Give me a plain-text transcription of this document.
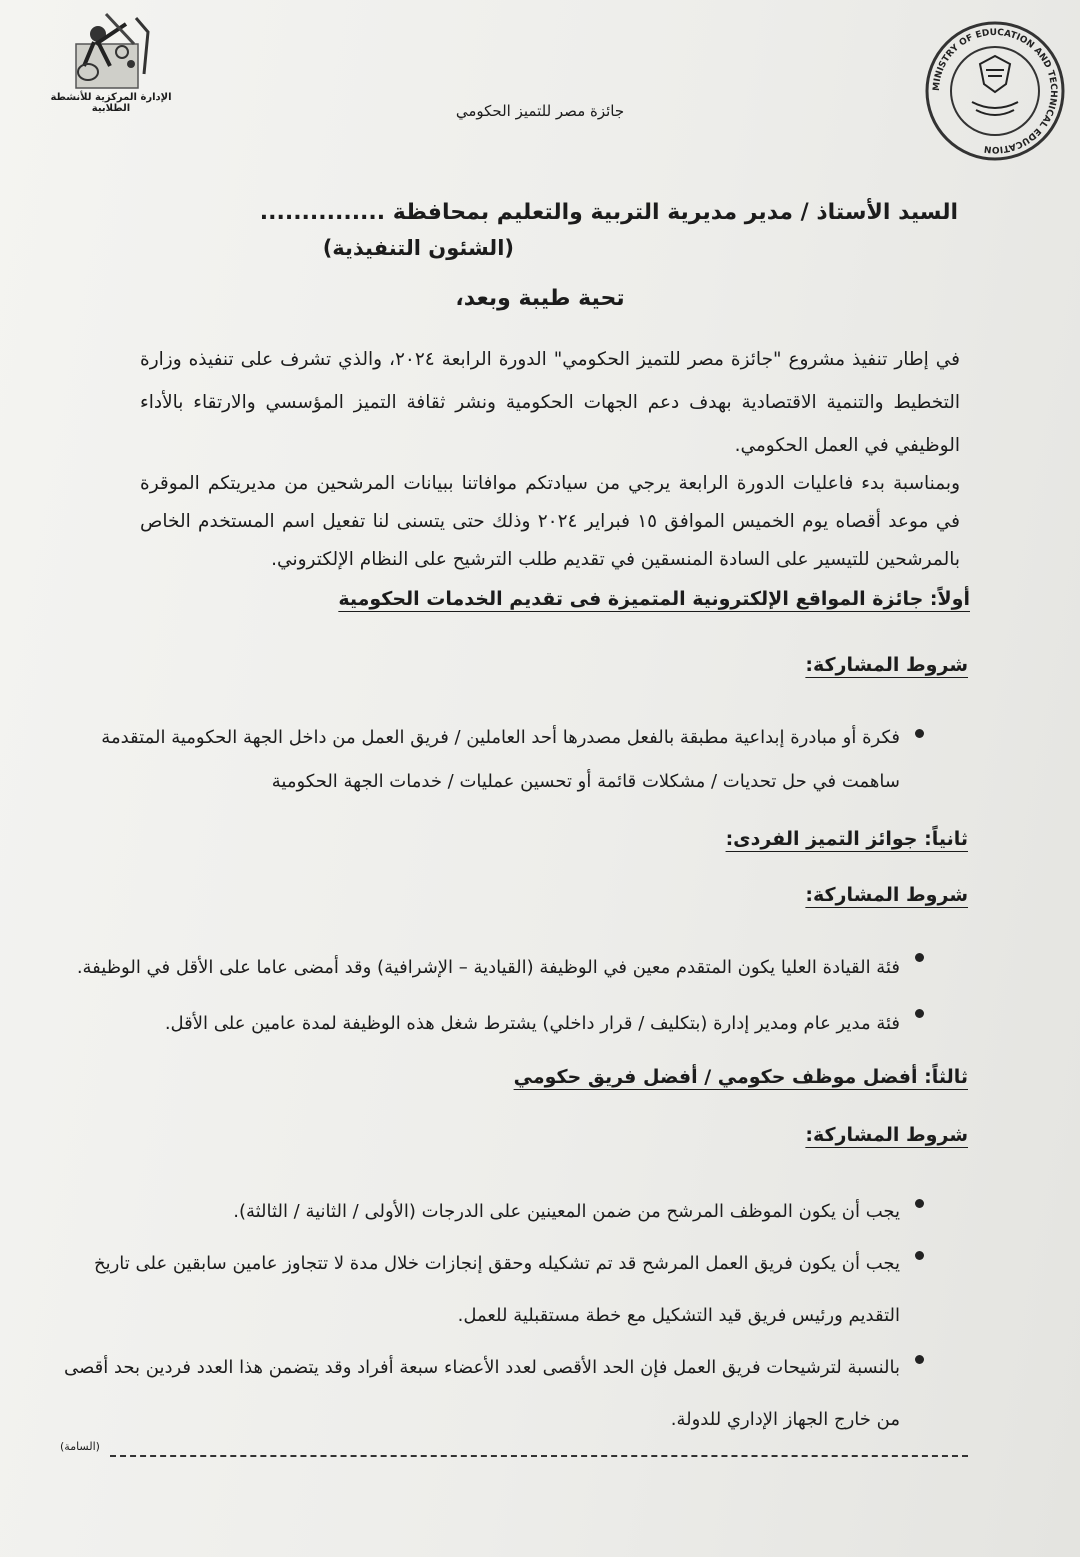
الإدارة المركزية للأنشطة الطلابية
MINISTRY OF EDUCATION AND TECHNICAL EDUCATION
جائزة مصر للتميز الحكومي
السيد الأستاذ / مدير مديرية التربية والتعليم بمحافظة ...............
(الشئون التنفيذية)
تحية طيبة وبعد،
في إطار تنفيذ مشروع "جائزة مصر للتميز الحكومي" الدورة الرابعة ٢٠٢٤، والذي تشرف على تنفيذه وزارة التخطيط والتنمية الاقتصادية بهدف دعم الجهات الحكومية ونشر ثقافة التميز المؤسسي والارتقاء بالأداء الوظيفي في العمل الحكومي.
وبمناسبة بدء فاعليات الدورة الرابعة يرجي من سيادتكم موافاتنا ببيانات المرشحين من مديريتكم الموقرة في موعد أقصاه يوم الخميس الموافق ١٥ فبراير ٢٠٢٤ وذلك حتى يتسنى لنا تفعيل اسم المستخدم الخاص بالمرشحين للتيسير على السادة المنسقين في تقديم طلب الترشيح على النظام الإلكتروني.
أولاً: جائزة المواقع الإلكترونية المتميزة فى تقديم الخدمات الحكومية
شروط المشاركة:
فكرة أو مبادرة إبداعية مطبقة بالفعل مصدرها أحد العاملين / فريق العمل من داخل الجهة الحكومية المتقدمة ساهمت في حل تحديات / مشكلات قائمة أو تحسين عمليات / خدمات الجهة الحكومية
ثانياً: جوائز التميز الفردى:
شروط المشاركة:
فئة القيادة العليا يكون المتقدم معين في الوظيفة (القيادية – الإشرافية) وقد أمضى عاما على الأقل في الوظيفة.
فئة مدير عام ومدير إدارة (بتكليف / قرار داخلي) يشترط شغل هذه الوظيفة لمدة عامين على الأقل.
ثالثاً: أفضل موظف حكومي / أفضل فريق حكومي
شروط المشاركة:
يجب أن يكون الموظف المرشح من ضمن المعينين على الدرجات (الأولى / الثانية / الثالثة).
يجب أن يكون فريق العمل المرشح قد تم تشكيله وحقق إنجازات خلال مدة لا تتجاوز عامين سابقين على تاريخ التقديم ورئيس فريق قيد التشكيل مع خطة مستقبلية للعمل.
بالنسبة لترشيحات فريق العمل فإن الحد الأقصى لعدد الأعضاء سبعة أفراد وقد يتضمن هذا العدد فردين بحد أقصى من خارج الجهاز الإداري للدولة.
(السامة)
